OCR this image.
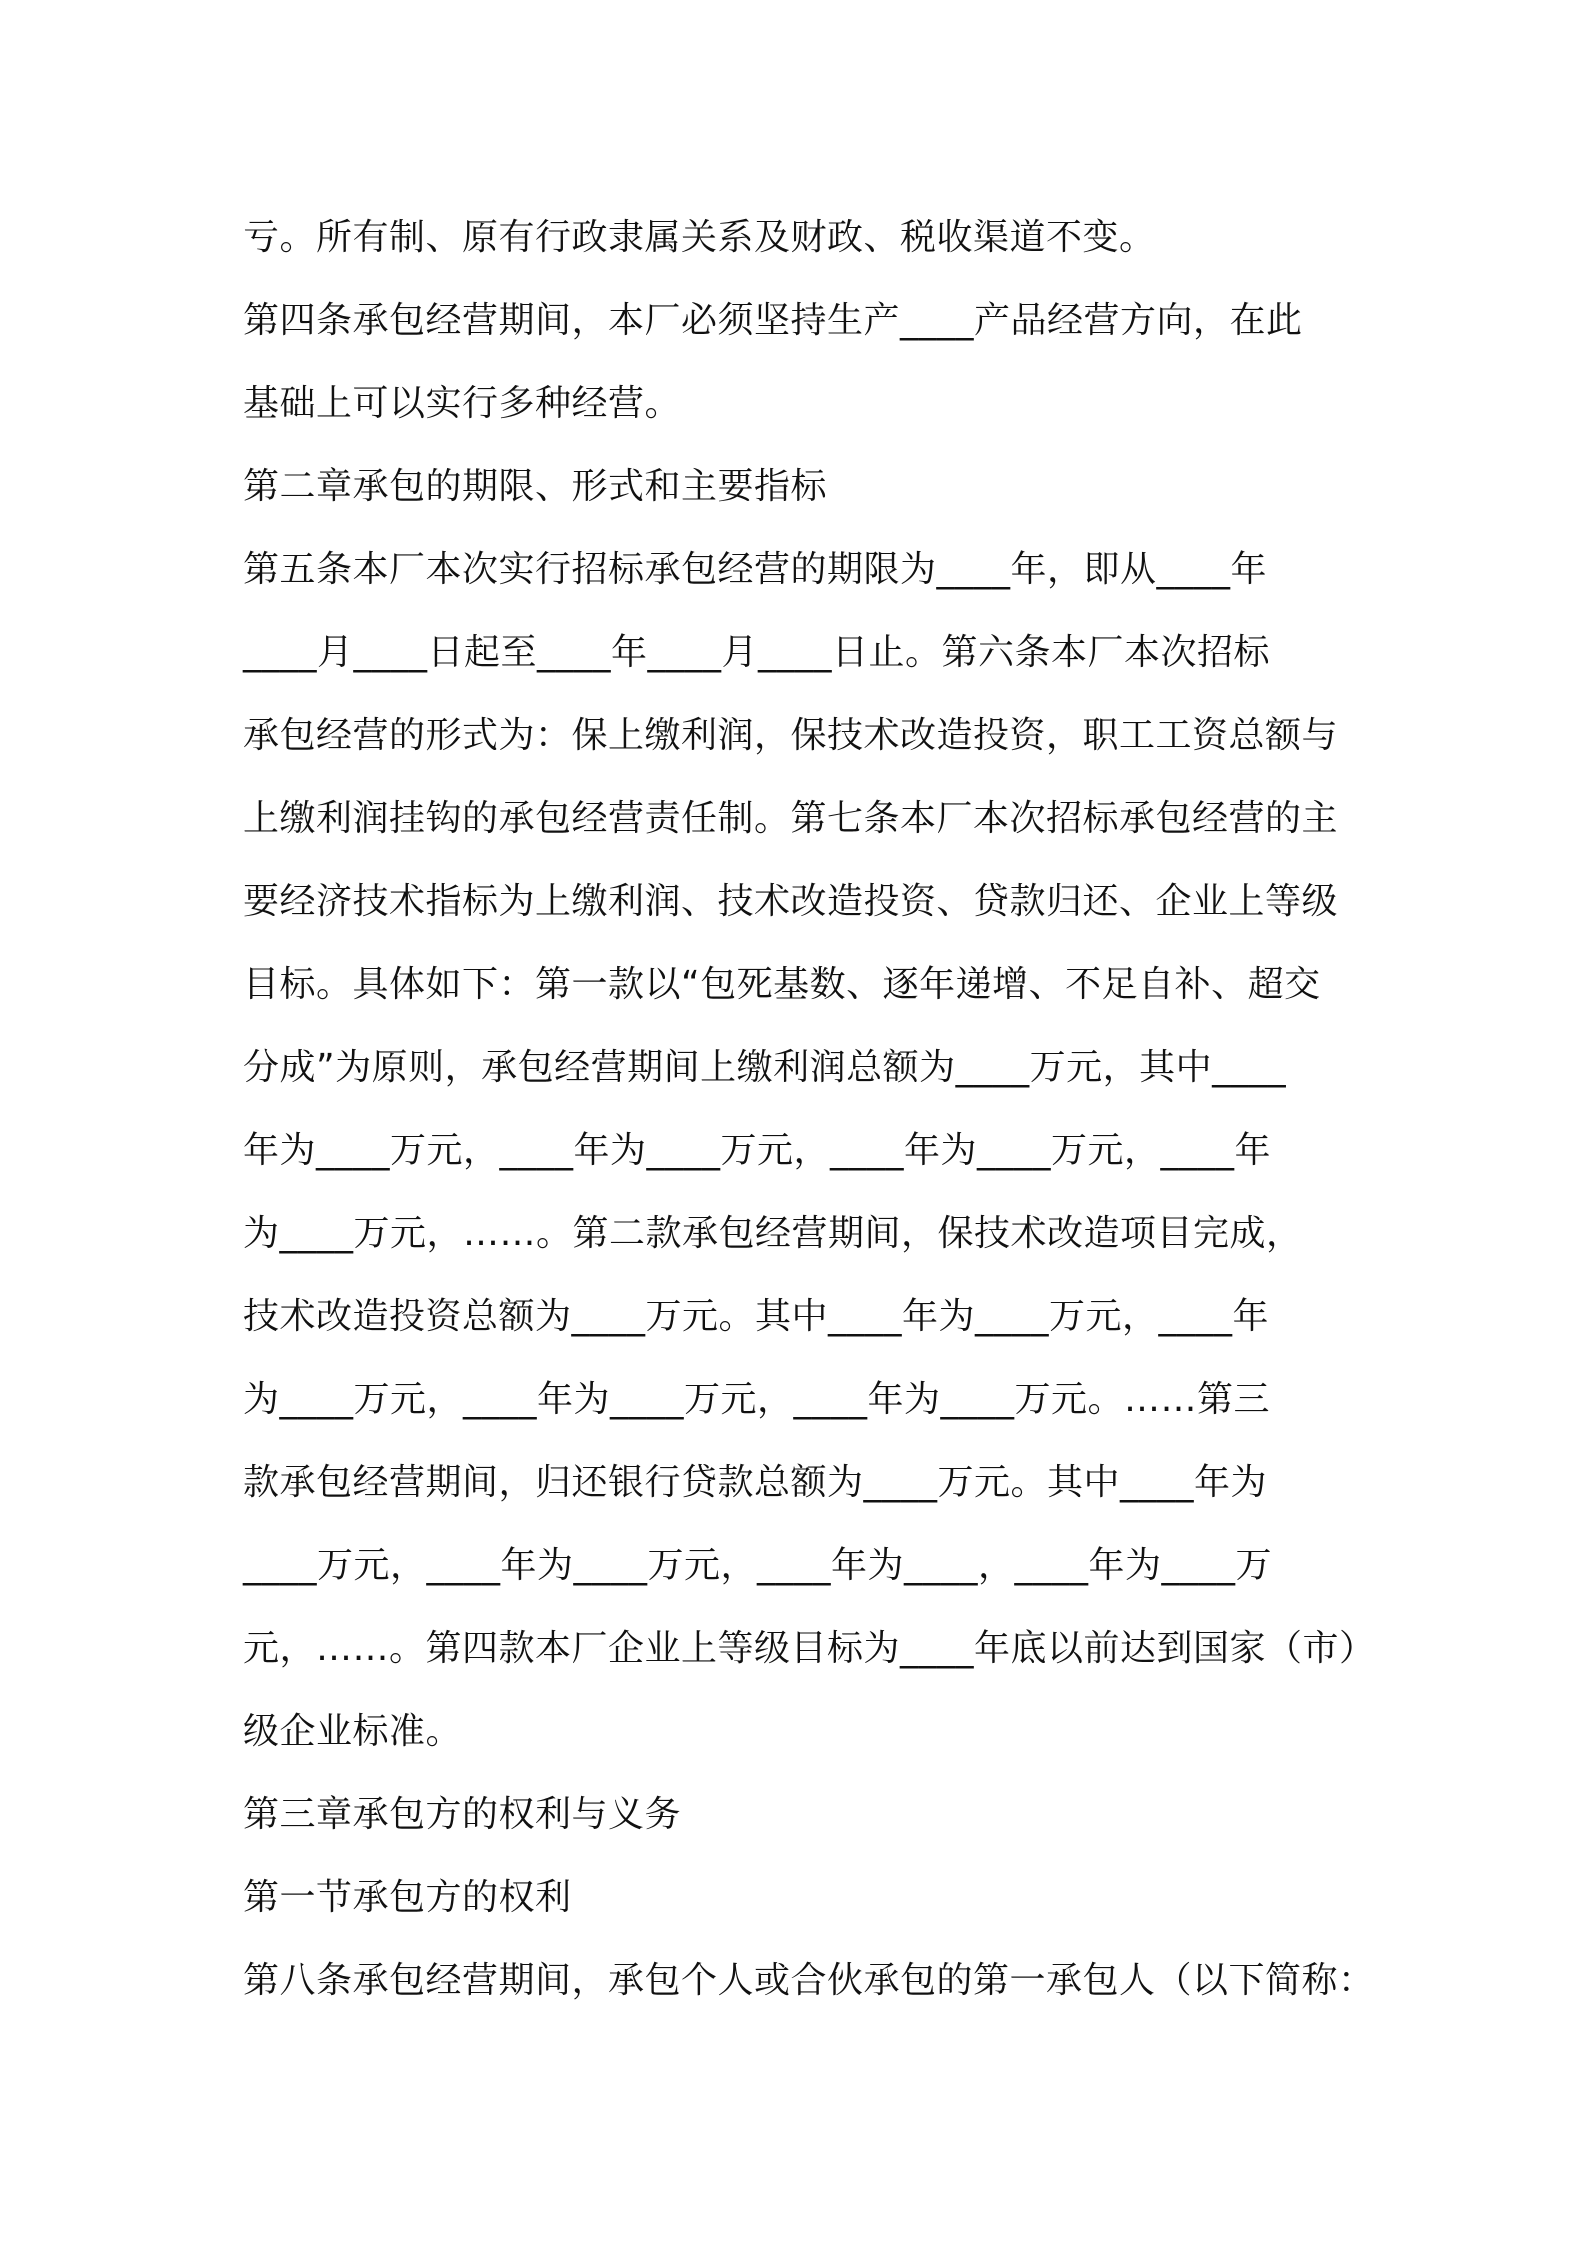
亏。所有制、原有行政隶属关系及财政、税收渠道不变。
第四条承包经营期间，本厂必须坚持生产____产品经营方向，在此
基础上可以实行多种经营。
第二章承包的期限、形式和主要指标
第五条本厂本次实行招标承包经营的期限为____年，即从____年
____月____日起至____年____月____日止。第六条本厂本次招标
承包经营的形式为：保上缴利润，保技术改造投资，职工工资总额与
上缴利润挂钩的承包经营责任制。第七条本厂本次招标承包经营的主
要经济技术指标为上缴利润、技术改造投资、贷款归还、企业上等级
目标。具体如下：第一款以“包死基数、逐年递增、不足自补、超交
分成”为原则，承包经营期间上缴利润总额为____万元，其中____
年为____万元，____年为____万元，____年为____万元，____年
为____万元，……。第二款承包经营期间，保技术改造项目完成，
技术改造投资总额为____万元。其中____年为____万元，____年
为____万元，____年为____万元，____年为____万元。……第三
款承包经营期间，归还银行贷款总额为____万元。其中____年为
____万元，____年为____万元，____年为____，____年为____万
元，……。第四款本厂企业上等级目标为____年底以前达到国家（市）
级企业标准。
第三章承包方的权利与义务
第一节承包方的权利
第八条承包经营期间，承包个人或合伙承包的第一承包人（以下简称：
